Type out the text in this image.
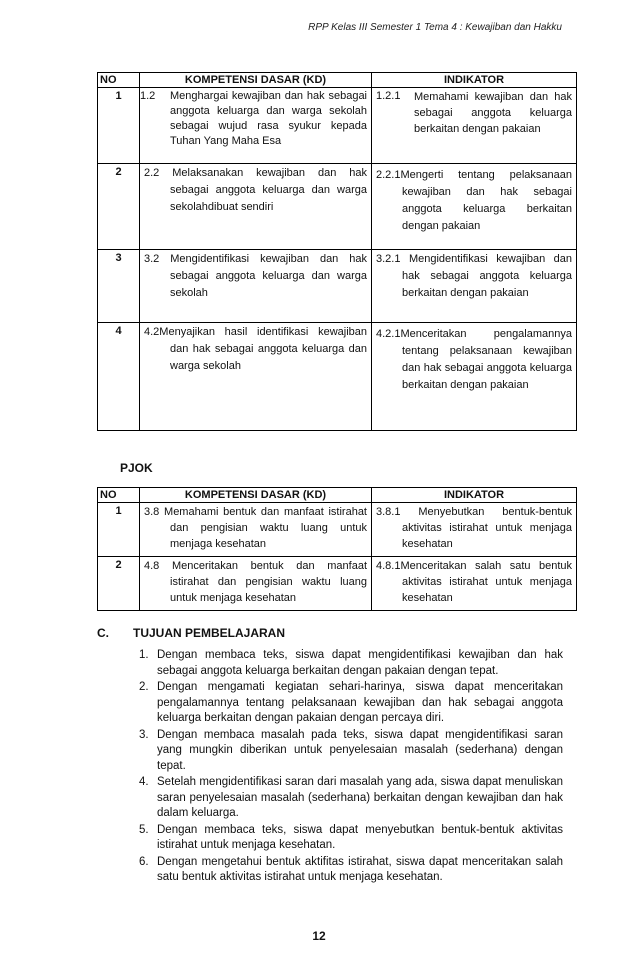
RPP Kelas III Semester 1 Tema 4 : Kewajiban dan Hakku
NO	KOMPETENSI DASAR (KD)	INDIKATOR
1	1.2 Menghargai kewajiban dan hak sebagai anggota keluarga dan warga sekolah sebagai wujud rasa syukur kepada Tuhan Yang Maha Esa	1.2.1 Memahami kewajiban dan hak sebagai anggota keluarga berkaitan dengan pakaian

2	2.2 Melaksanakan kewajiban dan hak sebagai anggota keluarga dan warga sekolahdibuat sendiri	2.2.1Mengerti tentang pelaksanaan kewajiban dan hak sebagai anggota keluarga berkaitan dengan pakaian

3	3.2 Mengidentifikasi kewajiban dan hak sebagai anggota keluarga dan warga sekolah	3.2.1 Mengidentifikasi kewajiban dan hak sebagai anggota keluarga berkaitan dengan pakaian

4	4.2Menyajikan hasil identifikasi kewajiban dan hak sebagai anggota keluarga dan warga sekolah	4.2.1Menceritakan pengalamannya tentang pelaksanaan kewajiban dan hak sebagai anggota keluarga berkaitan dengan pakaian
PJOK
NO	KOMPETENSI DASAR (KD)	INDIKATOR
1	3.8 Memahami bentuk dan manfaat istirahat dan pengisian waktu luang untuk menjaga kesehatan	3.8.1 Menyebutkan bentuk-bentuk aktivitas istirahat untuk menjaga kesehatan

2	4.8 Menceritakan bentuk dan manfaat istirahat dan pengisian waktu luang untuk menjaga kesehatan	4.8.1Menceritakan salah satu bentuk aktivitas istirahat untuk menjaga kesehatan
C. TUJUAN PEMBELAJARAN
1. Dengan membaca teks, siswa dapat mengidentifikasi kewajiban dan hak sebagai anggota keluarga berkaitan dengan pakaian dengan tepat.
2. Dengan mengamati kegiatan sehari-harinya, siswa dapat menceritakan pengalamannya tentang pelaksanaan kewajiban dan hak sebagai anggota keluarga berkaitan dengan pakaian dengan percaya diri.
3. Dengan membaca masalah pada teks, siswa dapat mengidentifikasi saran yang mungkin diberikan untuk penyelesaian masalah (sederhana) dengan tepat.
4. Setelah mengidentifikasi saran dari masalah yang ada, siswa dapat menuliskan saran penyelesaian masalah (sederhana) berkaitan dengan kewajiban dan hak dalam keluarga.
5. Dengan membaca teks, siswa dapat menyebutkan bentuk-bentuk aktivitas istirahat untuk menjaga kesehatan.
6. Dengan mengetahui bentuk aktifitas istirahat, siswa dapat menceritakan salah satu bentuk aktivitas istirahat untuk menjaga kesehatan.
12
